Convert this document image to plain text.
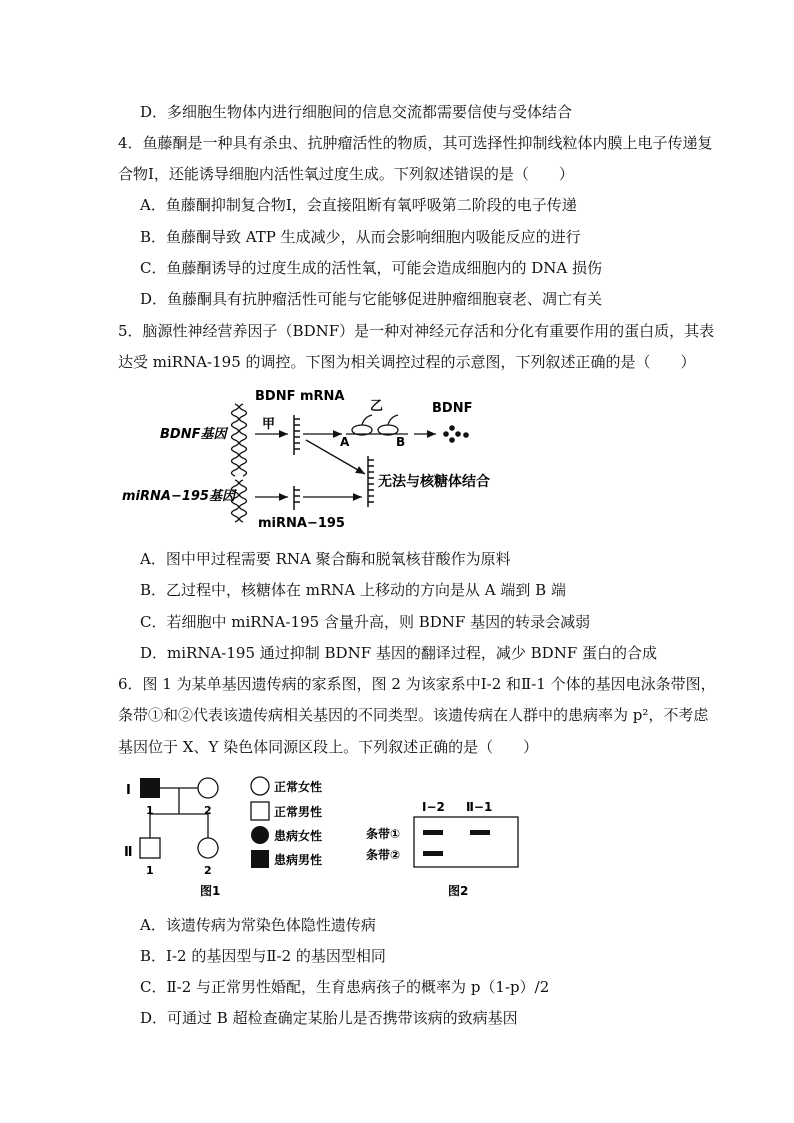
D．多细胞生物体内进行细胞间的信息交流都需要信使与受体结合
4．鱼藤酮是一种具有杀虫、抗肿瘤活性的物质，其可选择性抑制线粒体内膜上电子传递复
合物Ⅰ，还能诱导细胞内活性氧过度生成。下列叙述错误的是（　　）
A．鱼藤酮抑制复合物Ⅰ，会直接阻断有氧呼吸第二阶段的电子传递
B．鱼藤酮导致 ATP 生成减少，从而会影响细胞内吸能反应的进行
C．鱼藤酮诱导的过度生成的活性氧，可能会造成细胞内的 DNA 损伤
D．鱼藤酮具有抗肿瘤活性可能与它能够促进肿瘤细胞衰老、凋亡有关
5．脑源性神经营养因子（BDNF）是一种对神经元存活和分化有重要作用的蛋白质，其表
达受 miRNA-195 的调控。下图为相关调控过程的示意图，下列叙述正确的是（　　）
BDNF基因
miRNA−195基因
甲
BDNF mRNA
A	B
乙	BDNF
无法与核糖体结合
miRNA−195
A．图中甲过程需要 RNA 聚合酶和脱氧核苷酸作为原料
B．乙过程中，核糖体在 mRNA 上移动的方向是从 A 端到 B 端
C．若细胞中 miRNA-195 含量升高，则 BDNF 基因的转录会减弱
D．miRNA-195 通过抑制 BDNF 基因的翻译过程，减少 BDNF 蛋白的合成
6．图 1 为某单基因遗传病的家系图，图 2 为该家系中Ⅰ-2 和Ⅱ-1 个体的基因电泳条带图，
条带①和②代表该遗传病相关基因的不同类型。该遗传病在人群中的患病率为 p²，不考虑
基因位于 X、Y 染色体同源区段上。下列叙述正确的是（　　）
Ⅰ
1	2
Ⅱ
1	2
正常女性
正常男性
患病女性
患病男性
图1
Ⅰ−2 Ⅱ−1
条带①
条带②
图2
A．该遗传病为常染色体隐性遗传病
B．Ⅰ-2 的基因型与Ⅱ-2 的基因型相同
C．Ⅱ-2 与正常男性婚配，生育患病孩子的概率为 p（1-p）/2
D．可通过 B 超检查确定某胎儿是否携带该病的致病基因
